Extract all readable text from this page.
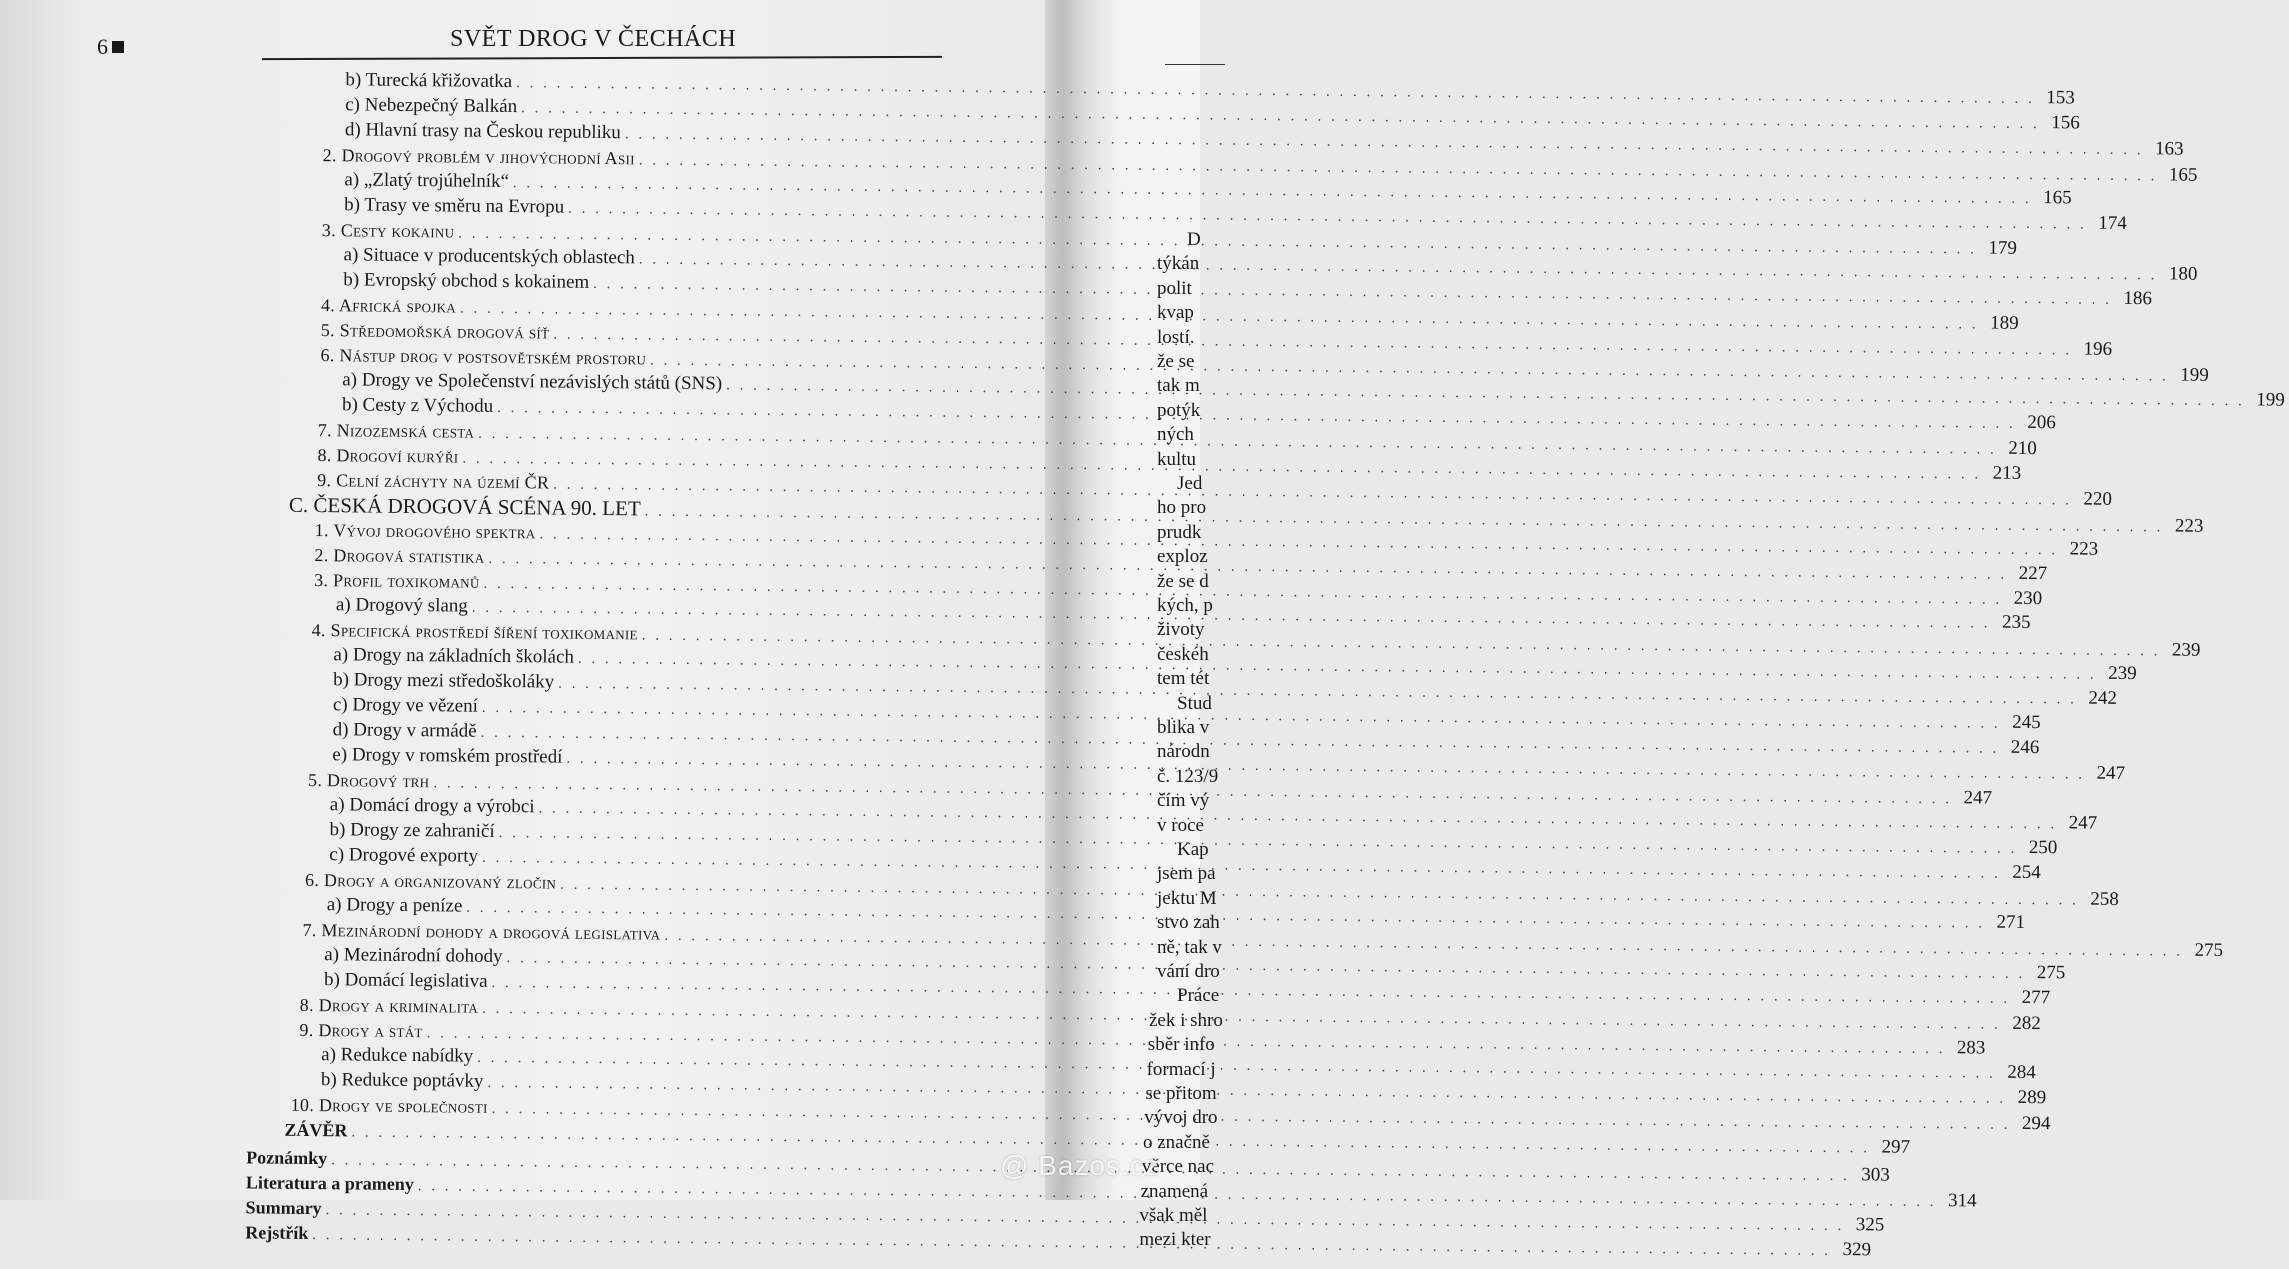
D
týkán
polit
kvap
lostí.
že se
tak m
potýk
ných
kultu
Jed
ho pro
prudk
exploz
že se d
kých, p
životy
českéh
tem tét
Stud
blika v
národn
č. 123/9
čím vý
v roce
Kap
jsem pa
jektu M
stvo zah
ně, tak v
vání dro
Práce
žek i shro
sběr info
formací j
se přitom
vývoj dro
o značně
věrce nac
znamená
však měl
mezi kter
6	SVĚT DROG V ČECHÁCH
b) Turecká křižovatka
. . .
153
c) Nebezpečný Balkán
. . .
156
d) Hlavní trasy na Českou republiku
. . .
163
2. Drogový problém v jihovýchodní Asii
. . .
165
a) „Zlatý trojúhelník“
. . .
165
b) Trasy ve směru na Evropu
. . .
174
3. Cesty kokainu
. . .
179
a) Situace v producentských oblastech
. . .
180
b) Evropský obchod s kokainem
. . .
186
4. Africká spojka
. . .
189
5. Středomořská drogová síť
. . .
196
6. Nástup drog v postsovětském prostoru
. . .
199
a) Drogy ve Společenství nezávislých států (SNS)
. . .
199
b) Cesty z Východu
. . .
206
7. Nizozemská cesta
. . .
210
8. Drogoví kurýři
. . .
213
9. Celní záchyty na území ČR
. . .
220
C. ČESKÁ DROGOVÁ SCÉNA 90. LET
. . .
223
1. Vývoj drogového spektra
. . .
223
2. Drogová statistika
. . .
227
3. Profil toxikomanů
. . .
230
a) Drogový slang
. . .
235
4. Specifická prostředí šíření toxikomanie
. . .
239
a) Drogy na základních školách
. . .
239
b) Drogy mezi středoškoláky
. . .
242
c) Drogy ve vězení
. . .
245
d) Drogy v armádě
. . .
246
e) Drogy v romském prostředí
. . .
247
5. Drogový trh
. . .
247
a) Domácí drogy a výrobci
. . .
247
b) Drogy ze zahraničí
. . .
250
c) Drogové exporty
. . .
254
6. Drogy a organizovaný zločin
. . .
258
a) Drogy a peníze
. . .
271
7. Mezinárodní dohody a drogová legislativa
. . .
275
a) Mezinárodní dohody
. . .
275
b) Domácí legislativa
. . .
277
8. Drogy a kriminalita
. . .
282
9. Drogy a stát
. . .
283
a) Redukce nabídky
. . .
284
b) Redukce poptávky
. . .
289
10. Drogy ve společnosti
. . .
294
ZÁVĚR
. . .
297
Poznámky
. . .
303
Literatura a prameny
. . .
314
Summary
. . .
325
Rejstřík
. . .
329
@ Bazos.cz
